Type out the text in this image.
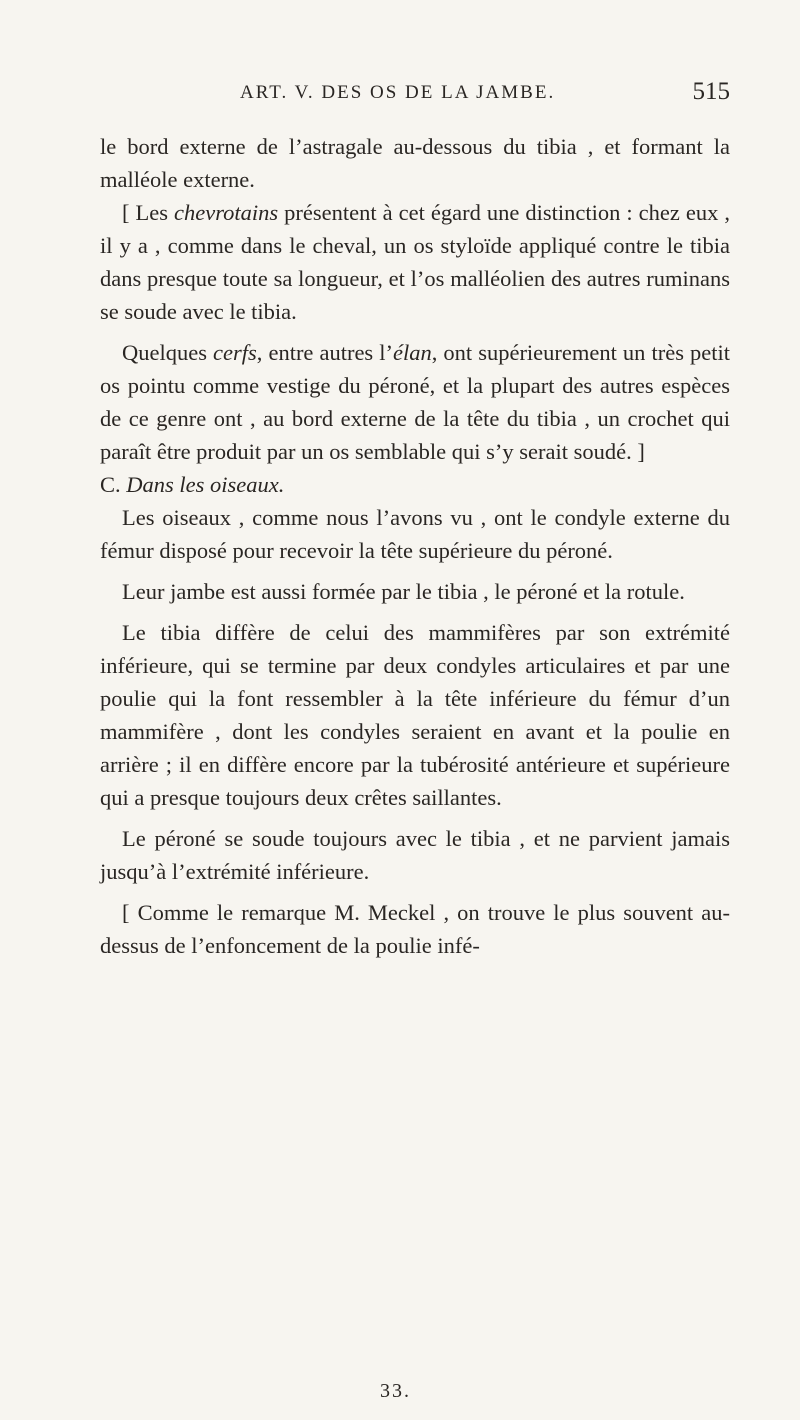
ART. V. DES OS DE LA JAMBE.	515

le bord externe de l’astragale au-dessous du tibia , et formant la malléole externe.

[ Les chevrotains présentent à cet égard une distinction : chez eux , il y a , comme dans le cheval, un os styloïde appliqué contre le tibia dans presque toute sa longueur, et l’os malléolien des autres ruminans se soude avec le tibia.

Quelques cerfs, entre autres l’élan, ont supérieurement un très petit os pointu comme vestige du péroné, et la plupart des autres espèces de ce genre ont , au bord externe de la tête du tibia , un crochet qui paraît être produit par un os semblable qui s’y serait soudé. ]

C. Dans les oiseaux.

Les oiseaux , comme nous l’avons vu , ont le condyle externe du fémur disposé pour recevoir la tête supérieure du péroné.

Leur jambe est aussi formée par le tibia , le péroné et la rotule.

Le tibia diffère de celui des mammifères par son extrémité inférieure, qui se termine par deux condyles articulaires et par une poulie qui la font ressembler à la tête inférieure du fémur d’un mammifère , dont les condyles seraient en avant et la poulie en arrière ; il en diffère encore par la tubérosité antérieure et supérieure qui a presque toujours deux crêtes saillantes.

Le péroné se soude toujours avec le tibia , et ne parvient jamais jusqu’à l’extrémité inférieure.

[ Comme le remarque M. Meckel , on trouve le plus souvent au-dessus de l’enfoncement de la poulie infé-

33.
